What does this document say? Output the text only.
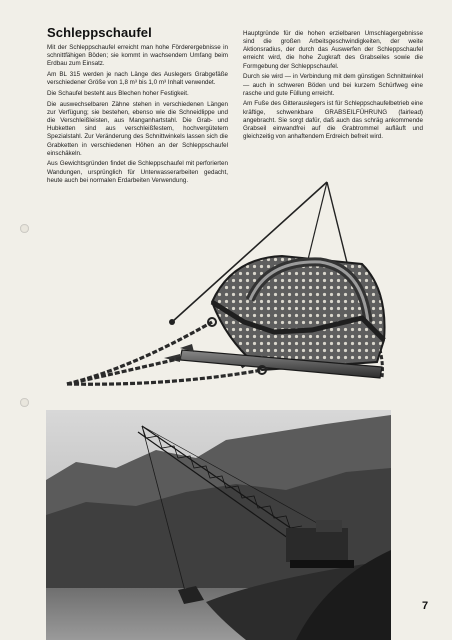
Schleppschaufel

Mit der Schleppschaufel erreicht man hohe Förderergebnisse in schnittfähigen Böden; sie kommt in wachsendem Umfang beim Erdbau zum Einsatz.

Am BL 315 werden je nach Länge des Auslegers Grabgefäße verschiedener Größe von 1,8 m³ bis 1,0 m³ Inhalt verwendet.

Die Schaufel besteht aus Blechen hoher Festigkeit.

Die auswechselbaren Zähne stehen in verschiedenen Längen zur Verfügung; sie bestehen, ebenso wie die Schneidlippe und die Verschleißleisten, aus Manganhartstahl. Die Grab- und Hubketten sind aus verschleißfestem, hochvergütetem Spezialstahl. Zur Veränderung des Schnittwinkels lassen sich die Grabketten in verschiedenen Höhen an der Schleppschaufel einschäkeln.

Aus Gewichtsgründen findet die Schleppschaufel mit perforierten Wandungen, ursprünglich für Unterwasserarbeiten gedacht, heute auch bei normalen Erdarbeiten Verwendung.

Hauptgründe für die hohen erzielbaren Umschlagergebnisse sind die großen Arbeitsgeschwindigkeiten, der weite Aktionsradius, der durch das Auswerfen der Schleppschaufel erreicht wird, die hohe Zugkraft des Grabseiles sowie die Formgebung der Schleppschaufel.

Durch sie wird — in Verbindung mit dem günstigen Schnittwinkel — auch in schweren Böden und bei kurzem Schürfweg eine rasche und gute Füllung erreicht.

Am Fuße des Gitterauslegers ist für Schleppschaufelbetrieb eine kräftige, schwenkbare GRABSEILFÜHRUNG (fairlead) angebracht. Sie sorgt dafür, daß auch das schräg ankommende Grabseil einwandfrei auf die Grabtrommel aufläuft und gleichzeitig von anhaftendem Erdreich befreit wird.

7
